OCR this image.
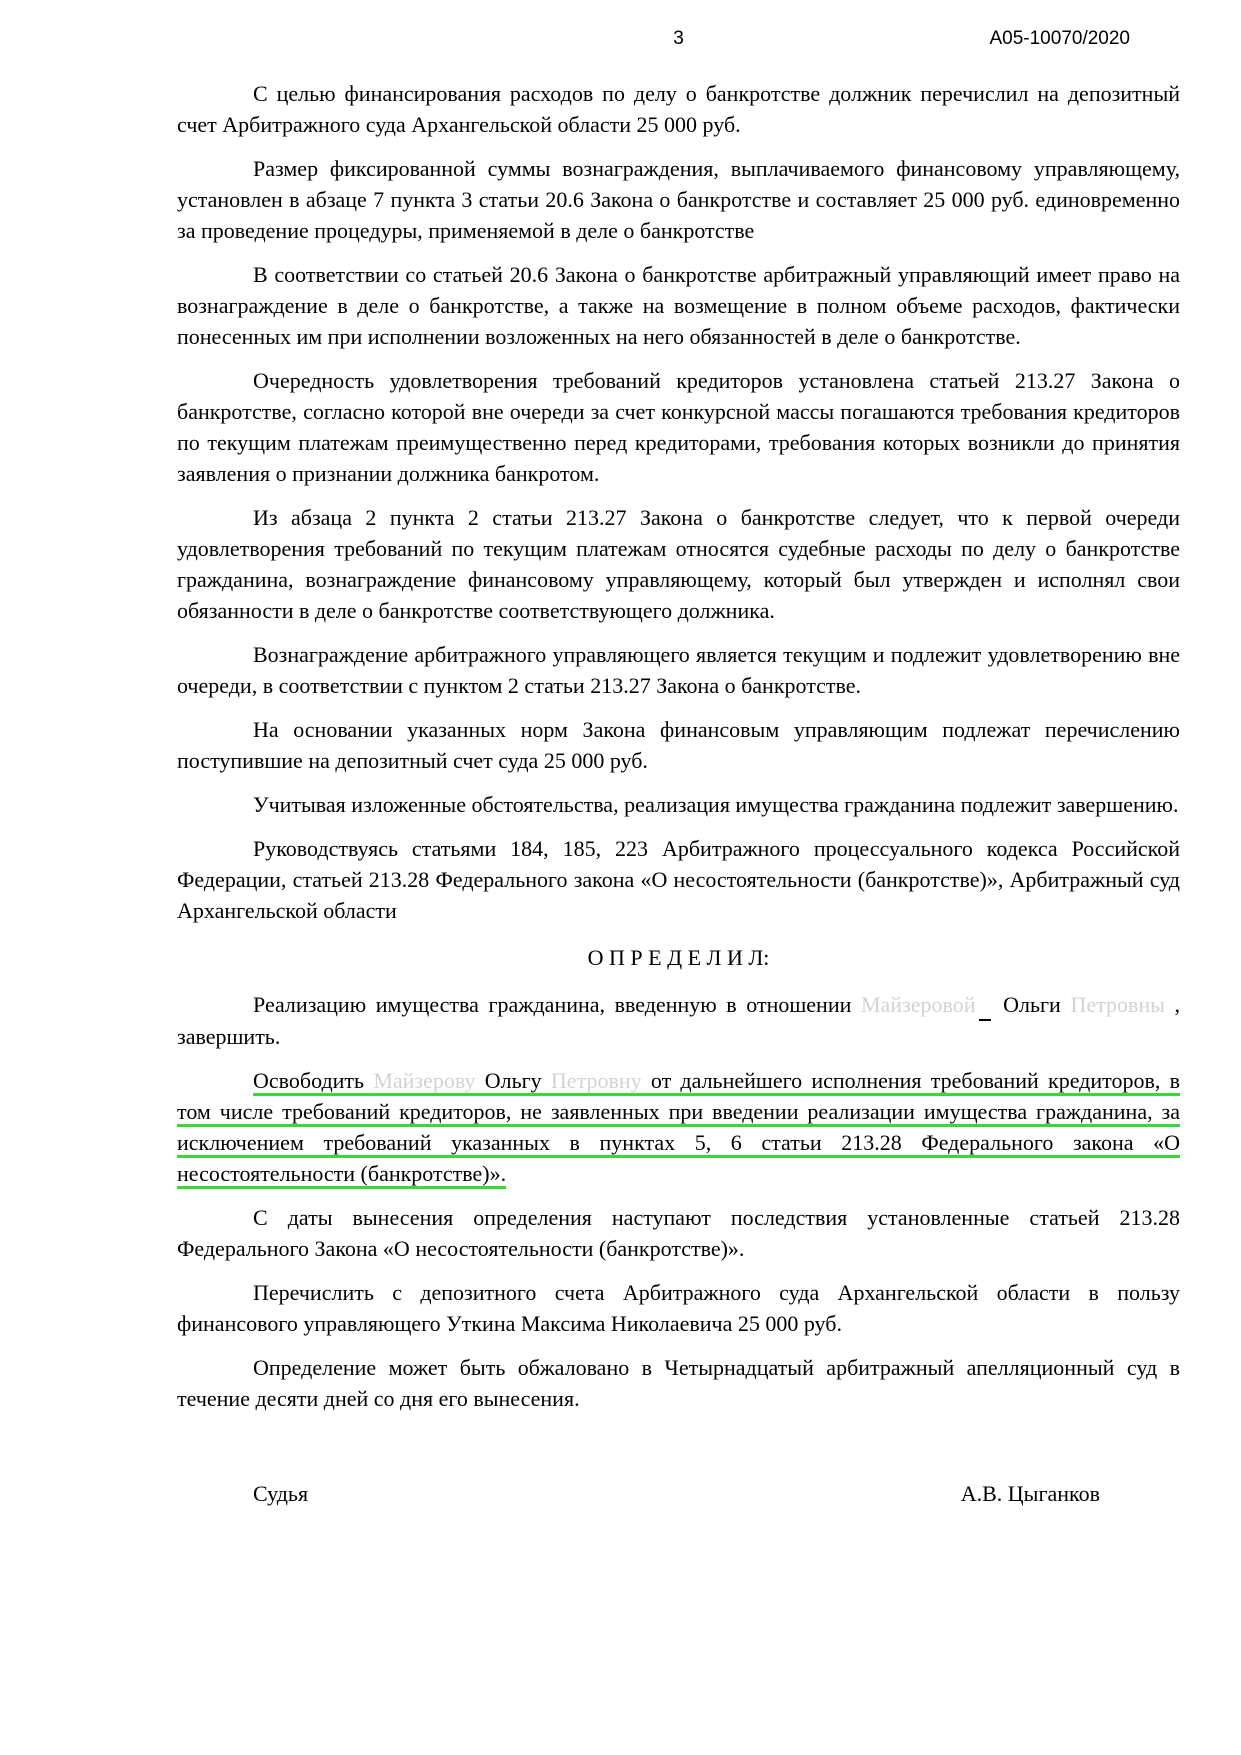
3	А05-10070/2020

С целью финансирования расходов по делу о банкротстве должник перечислил на депозитный счет Арбитражного суда Архангельской области 25 000 руб.

Размер фиксированной суммы вознаграждения, выплачиваемого финансовому управляющему, установлен в абзаце 7 пункта 3 статьи 20.6 Закона о банкротстве и составляет 25 000 руб. единовременно за проведение процедуры, применяемой в деле о банкротстве

В соответствии со статьей 20.6 Закона о банкротстве арбитражный управляющий имеет право на вознаграждение в деле о банкротстве, а также на возмещение в полном объеме расходов, фактически понесенных им при исполнении возложенных на него обязанностей в деле о банкротстве.

Очередность удовлетворения требований кредиторов установлена статьей 213.27 Закона о банкротстве, согласно которой вне очереди за счет конкурсной массы погашаются требования кредиторов по текущим платежам преимущественно перед кредиторами, требования которых возникли до принятия заявления о признании должника банкротом.

Из абзаца 2 пункта 2 статьи 213.27 Закона о банкротстве следует, что к первой очереди удовлетворения требований по текущим платежам относятся судебные расходы по делу о банкротстве гражданина, вознаграждение финансовому управляющему, который был утвержден и исполнял свои обязанности в деле о банкротстве соответствующего должника.

Вознаграждение арбитражного управляющего является текущим и подлежит удовлетворению вне очереди, в соответствии с пунктом 2 статьи 213.27 Закона о банкротстве.

На основании указанных норм Закона финансовым управляющим подлежат перечислению поступившие на депозитный счет суда 25 000 руб.

Учитывая изложенные обстоятельства, реализация имущества гражданина подлежит завершению.

Руководствуясь статьями 184, 185, 223 Арбитражного процессуального кодекса Российской Федерации, статьей 213.28 Федерального закона «О несостоятельности (банкротстве)», Арбитражный суд Архангельской области

О П Р Е Д Е Л И Л:

Реализацию имущества гражданина, введенную в отношении Майзеровой Ольги Петровны , завершить.

Освободить Майзерову Ольгу Петровну от дальнейшего исполнения требований кредиторов, в том числе требований кредиторов, не заявленных при введении реализации имущества гражданина, за исключением требований указанных в пунктах 5, 6 статьи 213.28 Федерального закона «О несостоятельности (банкротстве)».

С даты вынесения определения наступают последствия установленные статьей 213.28 Федерального Закона «О несостоятельности (банкротстве)».

Перечислить с депозитного счета Арбитражного суда Архангельской области в пользу финансового управляющего Уткина Максима Николаевича 25 000 руб.

Определение может быть обжаловано в Четырнадцатый арбитражный апелляционный суд в течение десяти дней со дня его вынесения.

Судья	А.В. Цыганков
